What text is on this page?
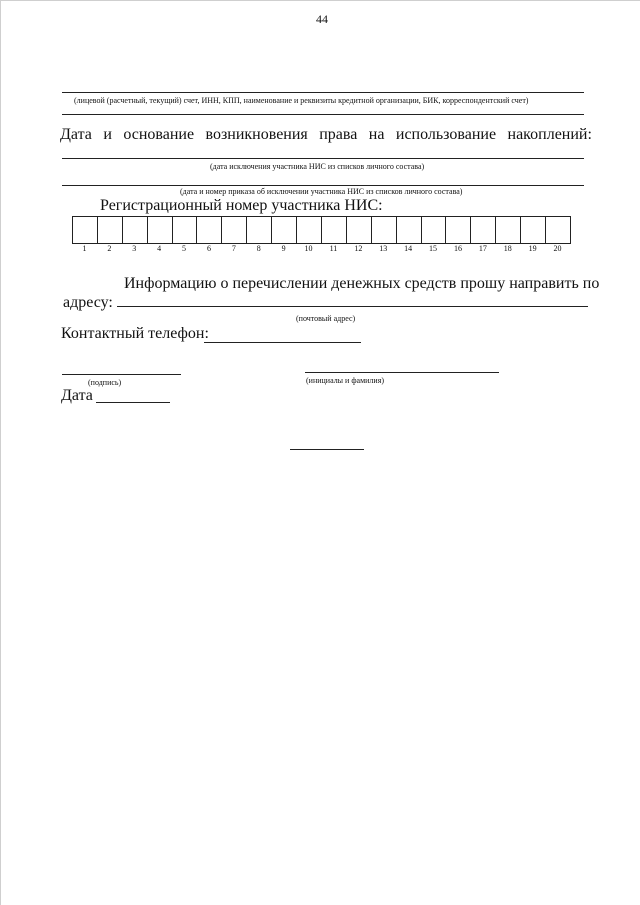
44
(лицевой (расчетный, текущий) счет, ИНН, КПП, наименование и реквизиты кредитной организации, БИК, корреспондентский счет)
Дата и основание возникновения права на использование накоплений:
(дата исключения участника НИС из списков личного состава)
(дата и номер приказа об исключении участника НИС из списков личного состава)
Регистрационный номер участника НИС:
1	2	3	4	5	6	7	8	9	10	11	12	13	14	15	16	17	18	19	20
Информацию о перечислении денежных средств прошу направить по
адресу:
(почтовый адрес)
Контактный телефон:
(подпись)	(инициалы и фамилия)
Дата
